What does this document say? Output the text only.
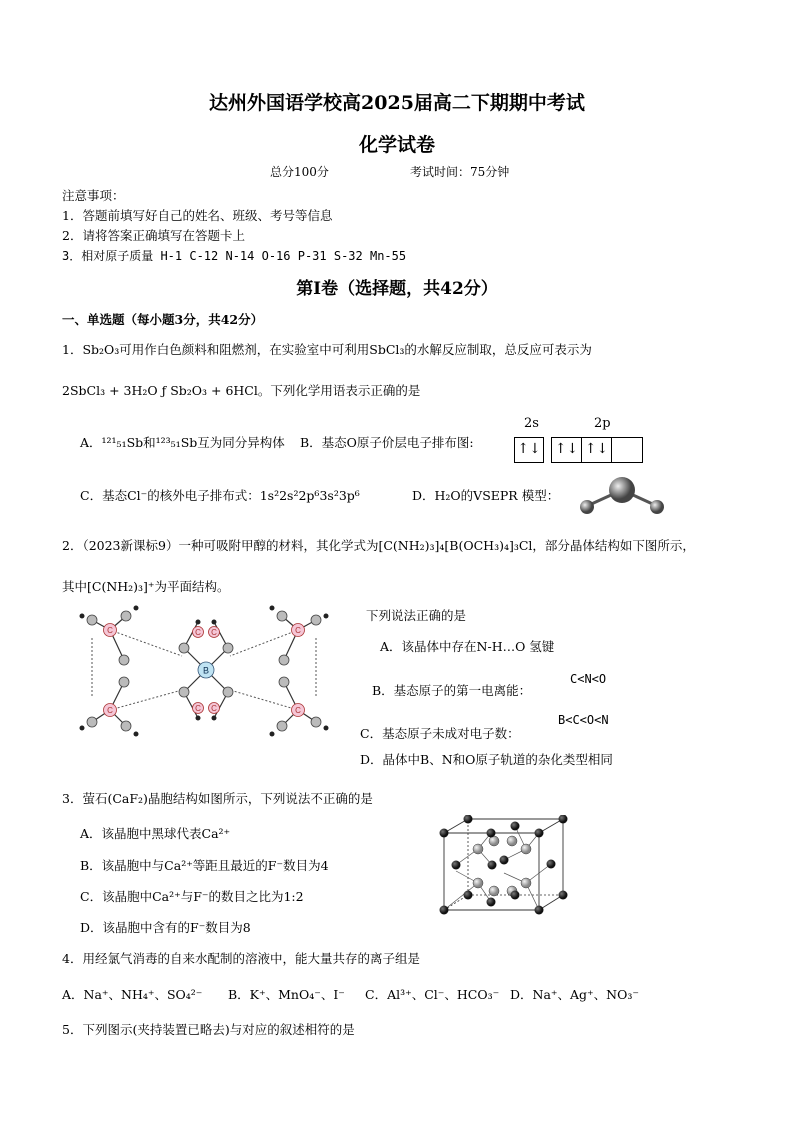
达州外国语学校高2025届高二下期期中考试
化学试卷
总分100分	考试时间：75分钟
注意事项：
1．答题前填写好自己的姓名、班级、考号等信息
2．请将答案正确填写在答题卡上
3．相对原子质量 H-1 C-12 N-14 O-16 P-31 S-32 Mn-55
第Ⅰ卷（选择题，共42分）
一、单选题（每小题3分，共42分）
1．Sb₂O₃可用作白色颜料和阻燃剂，在实验室中可利用SbCl₃的水解反应制取，总反应可表示为
2SbCl₃ + 3H₂O ƒ Sb₂O₃ + 6HCl。下列化学用语表示正确的是
A．¹²¹₅₁Sb和¹²³₅₁Sb互为同分异构体 B．基态O原子价层电子排布图:
2s	2p
↑↓ ↑↓ ↑↓
C．基态Cl⁻的核外电子排布式：1s²2s²2p⁶3s²3p⁶	D．H₂O的VSEPR 模型：
2．（2023新课标9）一种可吸附甲醇的材料，其化学式为[C(NH₂)₃]₄[B(OCH₃)₄]₃Cl，部分晶体结构如下图所示，
其中[C(NH₂)₃]⁺为平面结构。
C
C
C
C
C C
C C
B
下列说法正确的是
A．该晶体中存在N-H…O 氢键
B．基态原子的第一电离能：
C<N<O
C．基态原子未成对电子数：
B<C<O<N
D．晶体中B、N和O原子轨道的杂化类型相同
3．萤石(CaF₂)晶胞结构如图所示，下列说法不正确的是
A．该晶胞中黑球代表Ca²⁺
B．该晶胞中与Ca²⁺等距且最近的F⁻数目为4
C．该晶胞中Ca²⁺与F⁻的数目之比为1:2
D．该晶胞中含有的F⁻数目为8
4．用经氯气消毒的自来水配制的溶液中，能大量共存的离子组是
A．Na⁺、NH₄⁺、SO₄²⁻ B．K⁺、MnO₄⁻、I⁻ C．Al³⁺、Cl⁻、HCO₃⁻ D．Na⁺、Ag⁺、NO₃⁻
5．下列图示(夹持装置已略去)与对应的叙述相符的是
